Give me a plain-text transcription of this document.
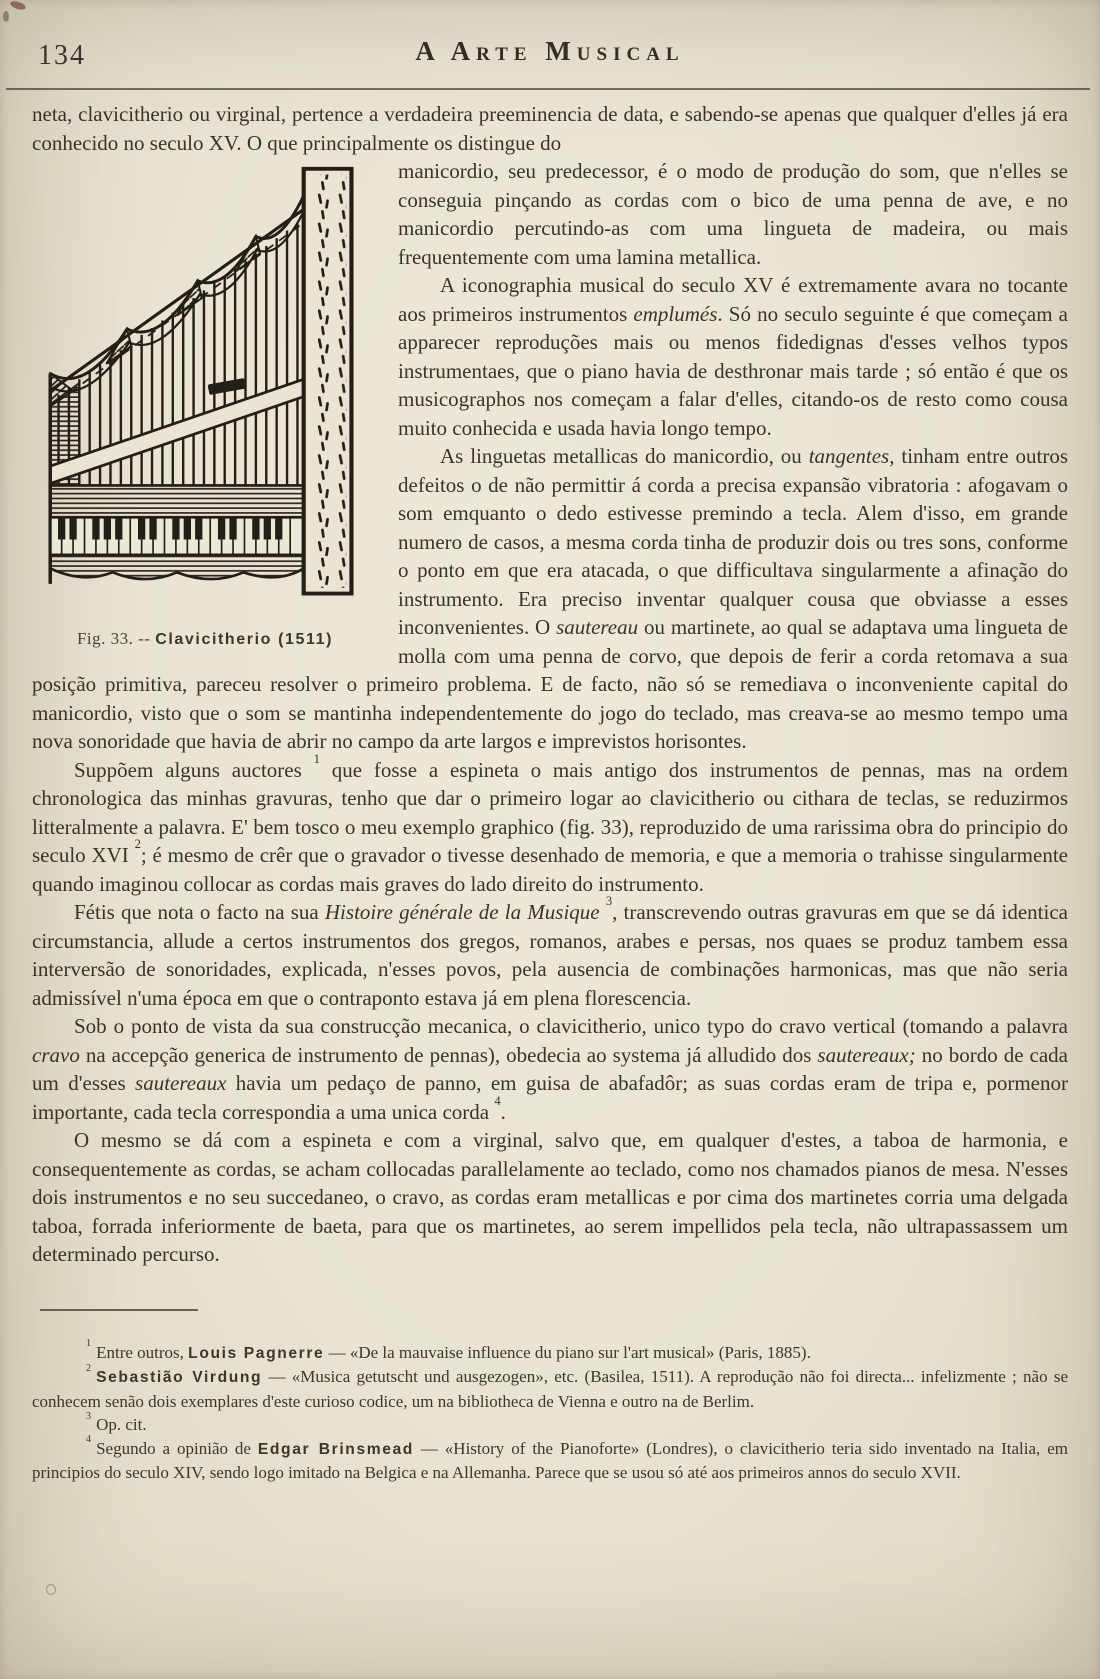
134	A Arte Musical

neta, clavicitherio ou virginal, pertence a verdadeira preeminencia de data, e sabendo-se apenas que qualquer d'elles já era conhecido no seculo XV. O que principalmente os distingue do

Fig. 33. -- Clavicitherio (1511)

manicordio, seu predecessor, é o modo de produção do som, que n'elles se conseguia pinçando as cordas com o bico de uma penna de ave, e no manicordio percutindo-as com uma lingueta de madeira, ou mais frequentemente com uma lamina metallica.

A iconographia musical do seculo XV é extremamente avara no tocante aos primeiros instrumentos emplumés. Só no seculo seguinte é que começam a apparecer reproduções mais ou menos fidedignas d'esses velhos typos instrumentaes, que o piano havia de desthronar mais tarde ; só então é que os musicographos nos começam a falar d'elles, citando-os de resto como cousa muito conhecida e usada havia longo tempo.

As linguetas metallicas do manicordio, ou tangentes, tinham entre outros defeitos o de não permittir á corda a precisa expansão vibratoria : afogavam o som emquanto o dedo estivesse premindo a tecla. Alem d'isso, em grande numero de casos, a mesma corda tinha de produzir dois ou tres sons, conforme o ponto em que era atacada, o que difficultava singularmente a afinação do instrumento. Era preciso inventar qualquer cousa que obviasse a esses inconvenientes. O sautereau ou martinete, ao qual se adaptava uma lingueta de molla com uma penna de corvo, que depois de ferir a corda retomava a sua posição primitiva, pareceu resolver o primeiro problema. E de facto, não só se remediava o inconveniente capital do manicordio, visto que o som se mantinha independentemente do jogo do teclado, mas creava-se ao mesmo tempo uma nova sonoridade que havia de abrir no campo da arte largos e imprevistos horisontes.

Suppõem alguns auctores $^1$ que fosse a espineta o mais antigo dos instrumentos de pennas, mas na ordem chronologica das minhas gravuras, tenho que dar o primeiro logar ao clavicitherio ou cithara de teclas, se reduzirmos litteralmente a palavra. E' bem tosco o meu exemplo graphico (fig. 33), reproduzido de uma rarissima obra do principio do seculo XVI $^2$; é mesmo de crêr que o gravador o tivesse desenhado de memoria, e que a memoria o trahisse singularmente quando imaginou collocar as cordas mais graves do lado direito do instrumento.

Fétis que nota o facto na sua Histoire générale de la Musique $^3$, transcrevendo outras gravuras em que se dá identica circumstancia, allude a certos instrumentos dos gregos, romanos, arabes e persas, nos quaes se produz tambem essa interversão de sonoridades, explicada, n'esses povos, pela ausencia de combinações harmonicas, mas que não seria admissível n'uma época em que o contraponto estava já em plena florescencia.

Sob o ponto de vista da sua construcção mecanica, o clavicitherio, unico typo do cravo vertical (tomando a palavra cravo na accepção generica de instrumento de pennas), obedecia ao systema já alludido dos sautereaux; no bordo de cada um d'esses sautereaux havia um pedaço de panno, em guisa de abafadôr; as suas cordas eram de tripa e, pormenor importante, cada tecla correspondia a uma unica corda $^4$.

O mesmo se dá com a espineta e com a virginal, salvo que, em qualquer d'estes, a taboa de harmonia, e consequentemente as cordas, se acham collocadas parallelamente ao teclado, como nos chamados pianos de mesa. N'esses dois instrumentos e no seu succedaneo, o cravo, as cordas eram metallicas e por cima dos martinetes corria uma delgada taboa, forrada inferiormente de baeta, para que os martinetes, ao serem impellidos pela tecla, não ultrapassassem um determinado percurso.

$^1$ Entre outros, Louis Pagnerre — «De la mauvaise influence du piano sur l'art musical» (Paris, 1885).

$^2$Sebastião Virdung — «Musica getutscht und ausgezogen», etc. (Basilea, 1511). A reprodução não foi directa... infelizmente ; não se conhecem senão dois exemplares d'este curioso codice, um na bibliotheca de Vienna e outro na de Berlim.

$^3$ Op. cit.

$^4$ Segundo a opinião de Edgar Brinsmead — «History of the Pianoforte» (Londres), o clavicitherio teria sido inventado na Italia, em principios do seculo XIV, sendo logo imitado na Belgica e na Allemanha. Parece que se usou só até aos primeiros annos do seculo XVII.
